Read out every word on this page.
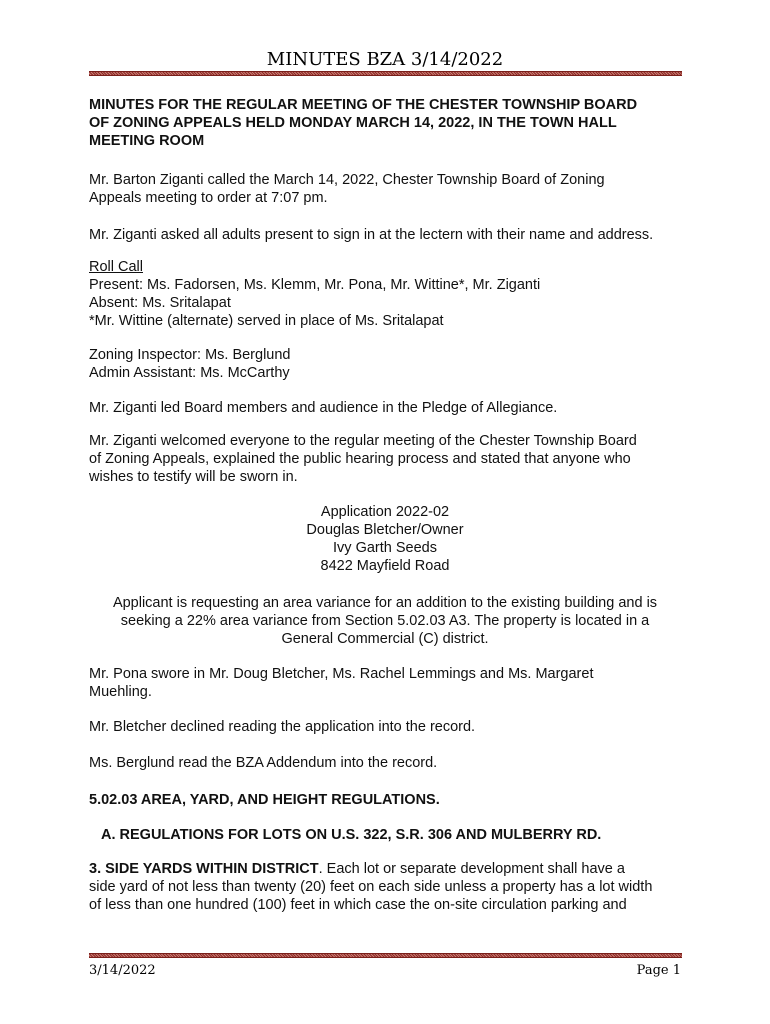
MINUTES BZA 3/14/2022
MINUTES FOR THE REGULAR MEETING OF THE CHESTER TOWNSHIP BOARD
OF ZONING APPEALS HELD MONDAY MARCH 14, 2022, IN THE TOWN HALL
MEETING ROOM
Mr. Barton Ziganti called the March 14, 2022, Chester Township Board of Zoning
Appeals meeting to order at 7:07 pm.
Mr. Ziganti asked all adults present to sign in at the lectern with their name and address.
Roll Call
Present: Ms. Fadorsen, Ms. Klemm, Mr. Pona, Mr. Wittine*, Mr. Ziganti
Absent: Ms. Sritalapat
*Mr. Wittine (alternate) served in place of Ms. Sritalapat
Zoning Inspector: Ms. Berglund
Admin Assistant: Ms. McCarthy
Mr. Ziganti led Board members and audience in the Pledge of Allegiance.
Mr. Ziganti welcomed everyone to the regular meeting of the Chester Township Board
of Zoning Appeals, explained the public hearing process and stated that anyone who
wishes to testify will be sworn in.
Application 2022-02
Douglas Bletcher/Owner
Ivy Garth Seeds
8422 Mayfield Road
Applicant is requesting an area variance for an addition to the existing building and is
seeking a 22% area variance from Section 5.02.03 A3. The property is located in a
General Commercial (C) district.
Mr. Pona swore in Mr. Doug Bletcher, Ms. Rachel Lemmings and Ms. Margaret
Muehling.
Mr. Bletcher declined reading the application into the record.
Ms. Berglund read the BZA Addendum into the record.
5.02.03 AREA, YARD, AND HEIGHT REGULATIONS.
A. REGULATIONS FOR LOTS ON U.S. 322, S.R. 306 AND MULBERRY RD.
3. SIDE YARDS WITHIN DISTRICT. Each lot or separate development shall have a
side yard of not less than twenty (20) feet on each side unless a property has a lot width
of less than one hundred (100) feet in which case the on-site circulation parking and
3/14/2022	Page 1
